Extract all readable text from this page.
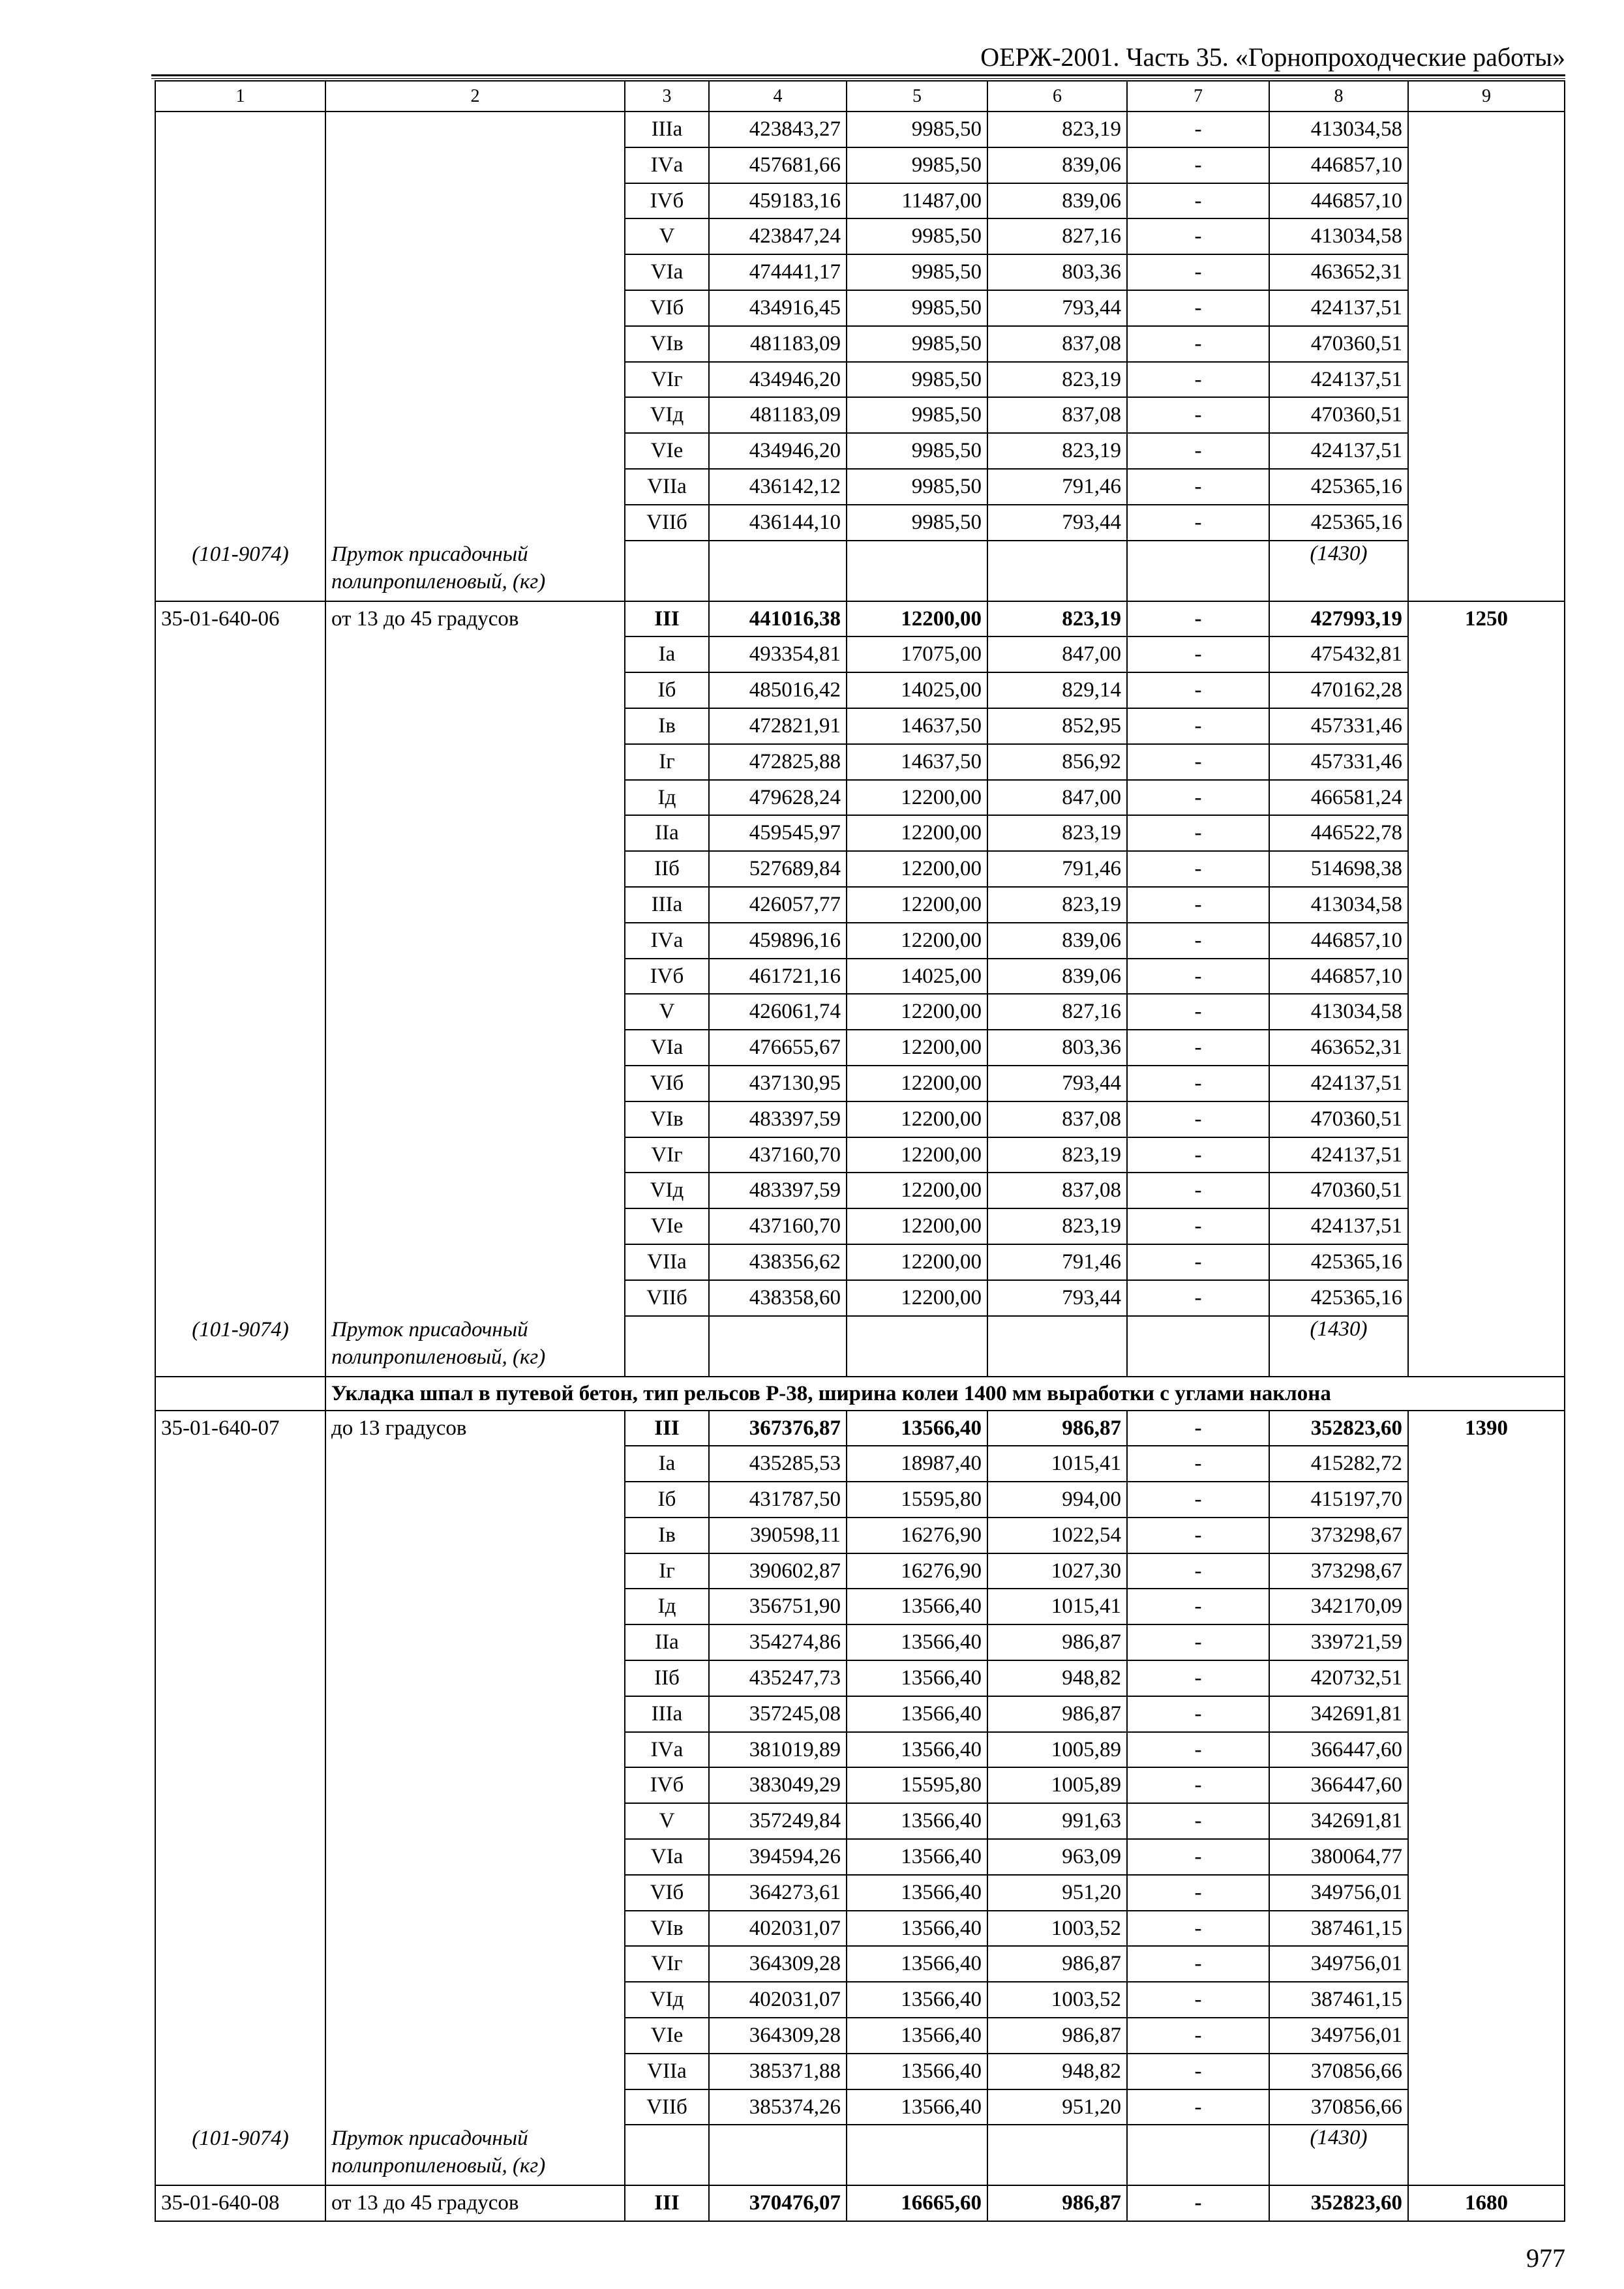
ОЕРЖ-2001. Часть 35. «Горнопроходческие работы»
1	2	3	4	5	6	7	8	9
		IIIа	423843,27	9985,50	823,19	-	413034,58	
		IVа	457681,66	9985,50	839,06	-	446857,10	
		IVб	459183,16	11487,00	839,06	-	446857,10	
		V	423847,24	9985,50	827,16	-	413034,58	
		VIа	474441,17	9985,50	803,36	-	463652,31	
		VIб	434916,45	9985,50	793,44	-	424137,51	
		VIв	481183,09	9985,50	837,08	-	470360,51	
		VIг	434946,20	9985,50	823,19	-	424137,51	
		VIд	481183,09	9985,50	837,08	-	470360,51	
		VIе	434946,20	9985,50	823,19	-	424137,51	
		VIIа	436142,12	9985,50	791,46	-	425365,16	
		VIIб	436144,10	9985,50	793,44	-	425365,16	
(101-9074)	Пруток присадочный полипропиленовый, (кг)						(1430)	
35-01-640-06	от 13 до 45 градусов	III	441016,38	12200,00	823,19	-	427993,19	1250
		Iа	493354,81	17075,00	847,00	-	475432,81	
		Iб	485016,42	14025,00	829,14	-	470162,28	
		Iв	472821,91	14637,50	852,95	-	457331,46	
		Iг	472825,88	14637,50	856,92	-	457331,46	
		Iд	479628,24	12200,00	847,00	-	466581,24	
		IIа	459545,97	12200,00	823,19	-	446522,78	
		IIб	527689,84	12200,00	791,46	-	514698,38	
		IIIа	426057,77	12200,00	823,19	-	413034,58	
		IVа	459896,16	12200,00	839,06	-	446857,10	
		IVб	461721,16	14025,00	839,06	-	446857,10	
		V	426061,74	12200,00	827,16	-	413034,58	
		VIа	476655,67	12200,00	803,36	-	463652,31	
		VIб	437130,95	12200,00	793,44	-	424137,51	
		VIв	483397,59	12200,00	837,08	-	470360,51	
		VIг	437160,70	12200,00	823,19	-	424137,51	
		VIд	483397,59	12200,00	837,08	-	470360,51	
		VIе	437160,70	12200,00	823,19	-	424137,51	
		VIIа	438356,62	12200,00	791,46	-	425365,16	
		VIIб	438358,60	12200,00	793,44	-	425365,16	
(101-9074)	Пруток присадочный полипропиленовый, (кг)						(1430)	
	Укладка шпал в путевой бетон, тип рельсов Р-38, ширина колеи 1400 мм выработки с углами наклона							
35-01-640-07	до 13 градусов	III	367376,87	13566,40	986,87	-	352823,60	1390
		Iа	435285,53	18987,40	1015,41	-	415282,72	
		Iб	431787,50	15595,80	994,00	-	415197,70	
		Iв	390598,11	16276,90	1022,54	-	373298,67	
		Iг	390602,87	16276,90	1027,30	-	373298,67	
		Iд	356751,90	13566,40	1015,41	-	342170,09	
		IIа	354274,86	13566,40	986,87	-	339721,59	
		IIб	435247,73	13566,40	948,82	-	420732,51	
		IIIа	357245,08	13566,40	986,87	-	342691,81	
		IVа	381019,89	13566,40	1005,89	-	366447,60	
		IVб	383049,29	15595,80	1005,89	-	366447,60	
		V	357249,84	13566,40	991,63	-	342691,81	
		VIа	394594,26	13566,40	963,09	-	380064,77	
		VIб	364273,61	13566,40	951,20	-	349756,01	
		VIв	402031,07	13566,40	1003,52	-	387461,15	
		VIг	364309,28	13566,40	986,87	-	349756,01	
		VIд	402031,07	13566,40	1003,52	-	387461,15	
		VIе	364309,28	13566,40	986,87	-	349756,01	
		VIIа	385371,88	13566,40	948,82	-	370856,66	
		VIIб	385374,26	13566,40	951,20	-	370856,66	
(101-9074)	Пруток присадочный полипропиленовый, (кг)						(1430)	
35-01-640-08	от 13 до 45 градусов	III	370476,07	16665,60	986,87	-	352823,60	1680
977
